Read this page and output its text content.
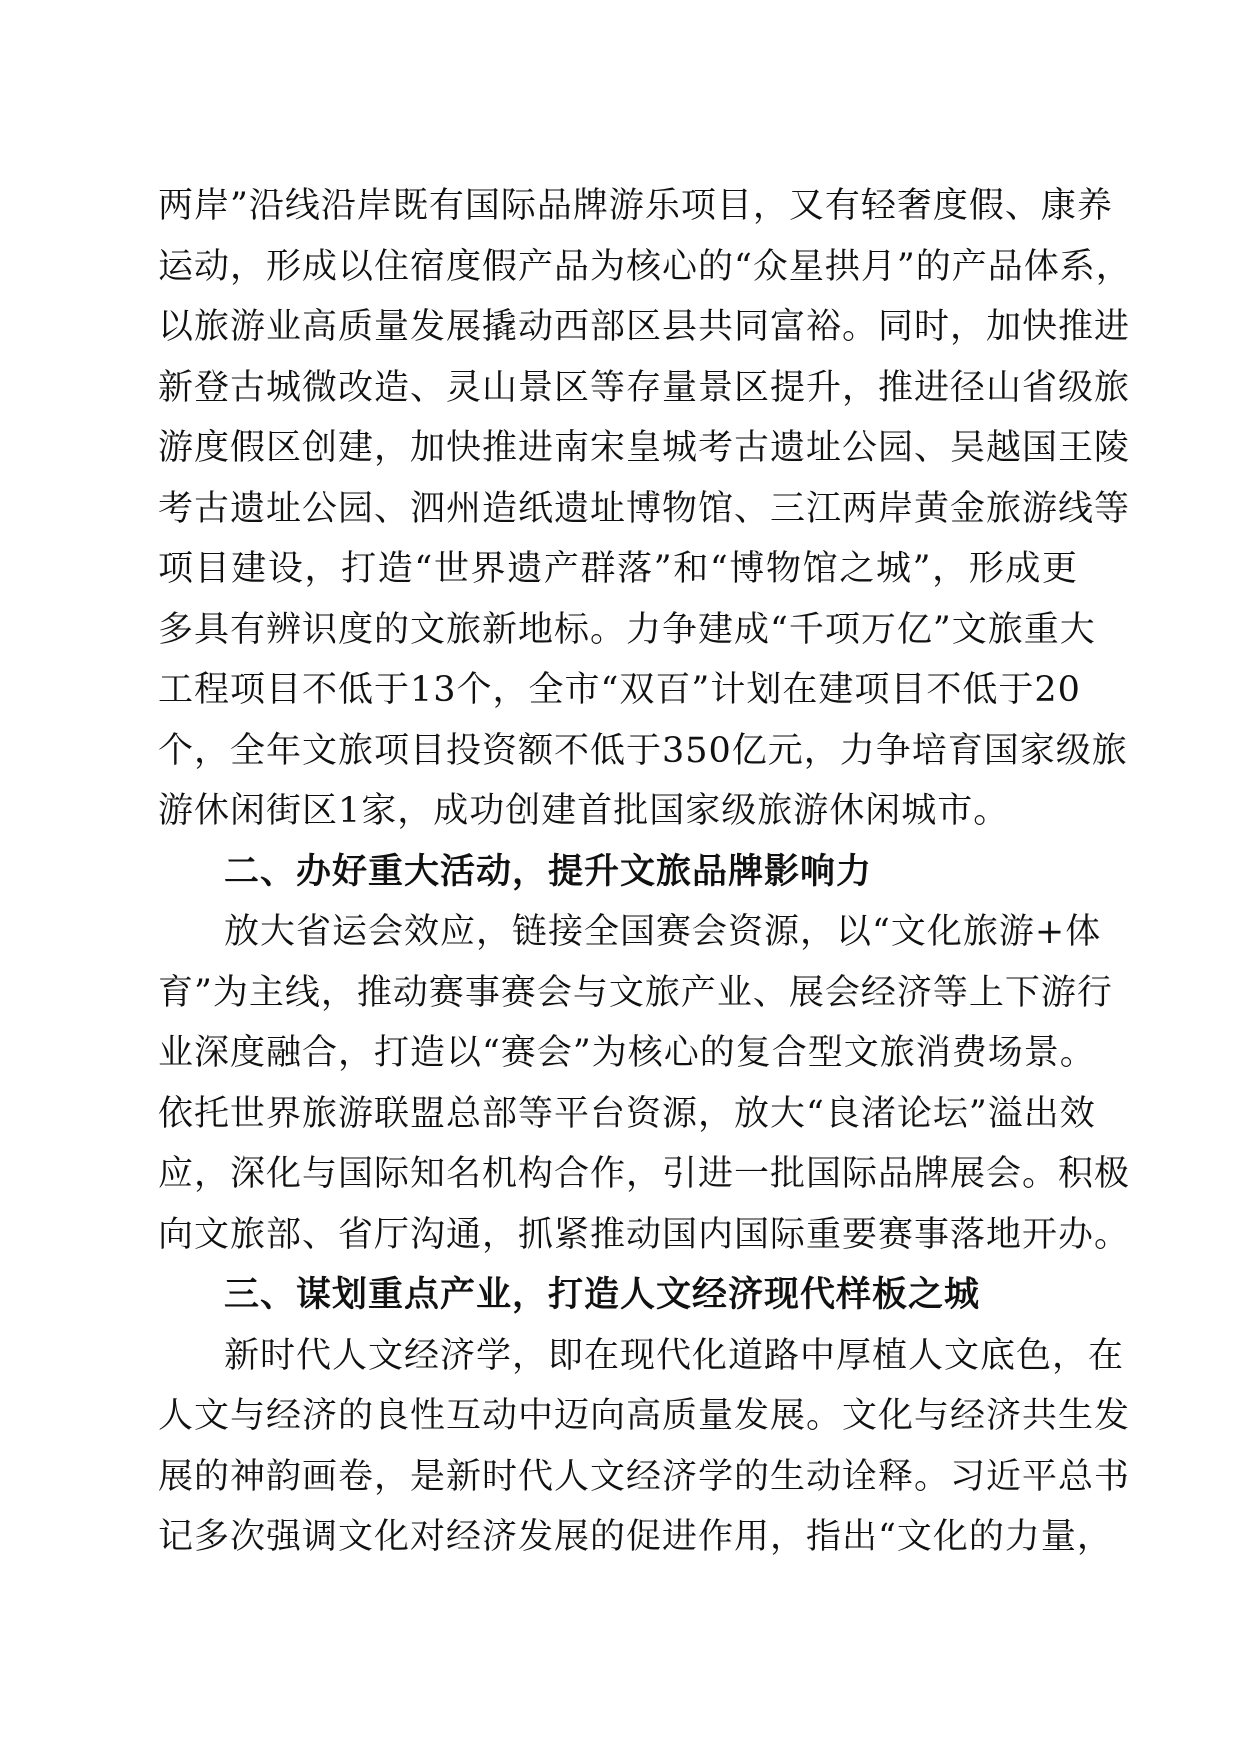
两岸”沿线沿岸既有国际品牌游乐项目，又有轻奢度假、康养
运动，形成以住宿度假产品为核心的“众星拱月”的产品体系，
以旅游业高质量发展撬动西部区县共同富裕。同时，加快推进
新登古城微改造、灵山景区等存量景区提升，推进径山省级旅
游度假区创建，加快推进南宋皇城考古遗址公园、吴越国王陵
考古遗址公园、泗州造纸遗址博物馆、三江两岸黄金旅游线等
项目建设，打造“世界遗产群落”和“博物馆之城”，形成更
多具有辨识度的文旅新地标。力争建成“千项万亿”文旅重大
工程项目不低于13个，全市“双百”计划在建项目不低于20
个，全年文旅项目投资额不低于350亿元，力争培育国家级旅
游休闲街区1家，成功创建首批国家级旅游休闲城市。
二、办好重大活动，提升文旅品牌影响力
放大省运会效应，链接全国赛会资源，以“文化旅游+体
育”为主线，推动赛事赛会与文旅产业、展会经济等上下游行
业深度融合，打造以“赛会”为核心的复合型文旅消费场景。
依托世界旅游联盟总部等平台资源，放大“良渚论坛”溢出效
应，深化与国际知名机构合作，引进一批国际品牌展会。积极
向文旅部、省厅沟通，抓紧推动国内国际重要赛事落地开办。
三、谋划重点产业，打造人文经济现代样板之城
新时代人文经济学，即在现代化道路中厚植人文底色，在
人文与经济的良性互动中迈向高质量发展。文化与经济共生发
展的神韵画卷，是新时代人文经济学的生动诠释。习近平总书
记多次强调文化对经济发展的促进作用，指出“文化的力量，
